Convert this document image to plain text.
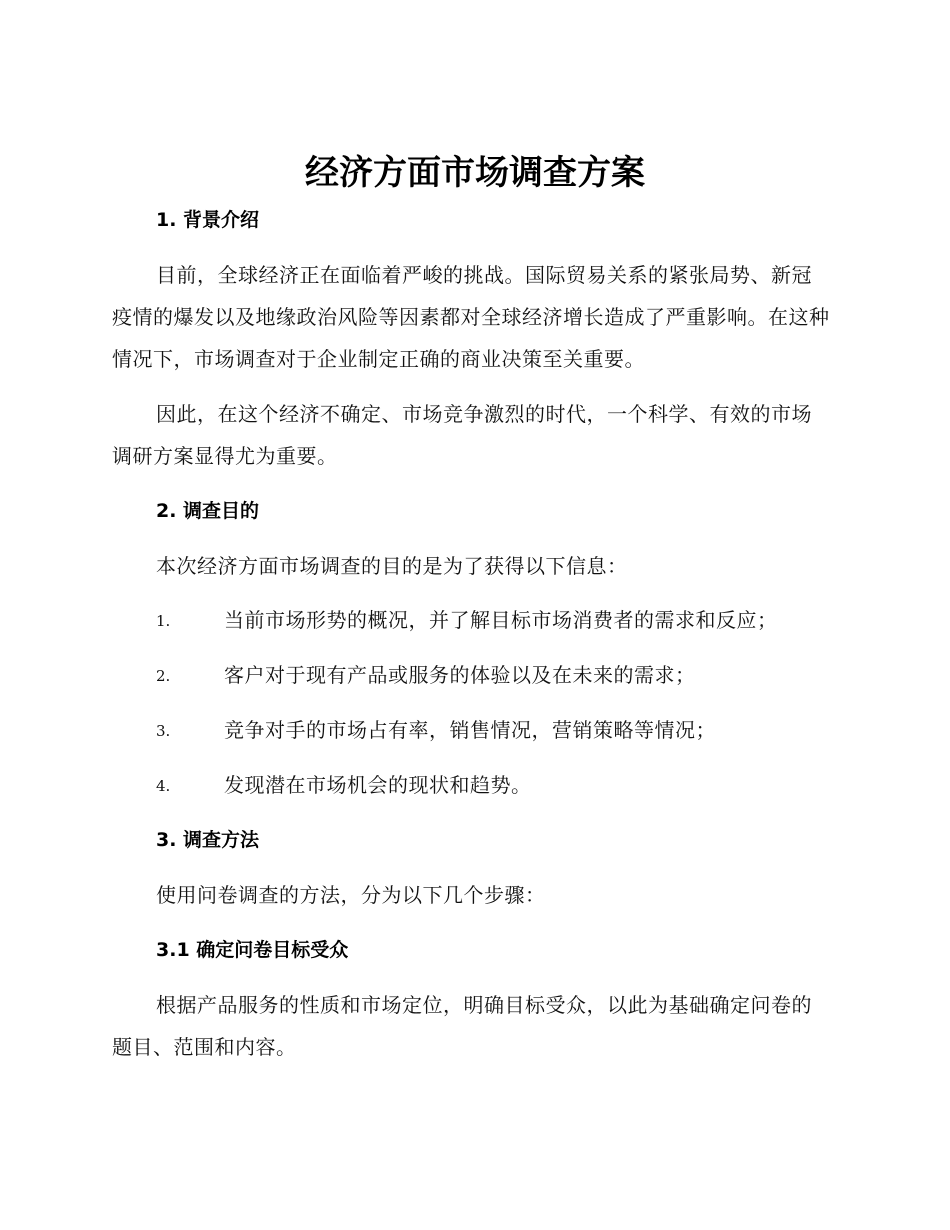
经济方面市场调查方案
1. 背景介绍
目前，全球经济正在面临着严峻的挑战。国际贸易关系的紧张局势、新冠疫情的爆发以及地缘政治风险等因素都对全球经济增长造成了严重影响。在这种情况下，市场调查对于企业制定正确的商业决策至关重要。
因此，在这个经济不确定、市场竞争激烈的时代，一个科学、有效的市场调研方案显得尤为重要。
2. 调查目的
本次经济方面市场调查的目的是为了获得以下信息：
1.	当前市场形势的概况，并了解目标市场消费者的需求和反应；
2.	客户对于现有产品或服务的体验以及在未来的需求；
3.	竞争对手的市场占有率，销售情况，营销策略等情况；
4.	发现潜在市场机会的现状和趋势。
3. 调查方法
使用问卷调查的方法，分为以下几个步骤：
3.1 确定问卷目标受众
根据产品服务的性质和市场定位，明确目标受众，以此为基础确定问卷的题目、范围和内容。
